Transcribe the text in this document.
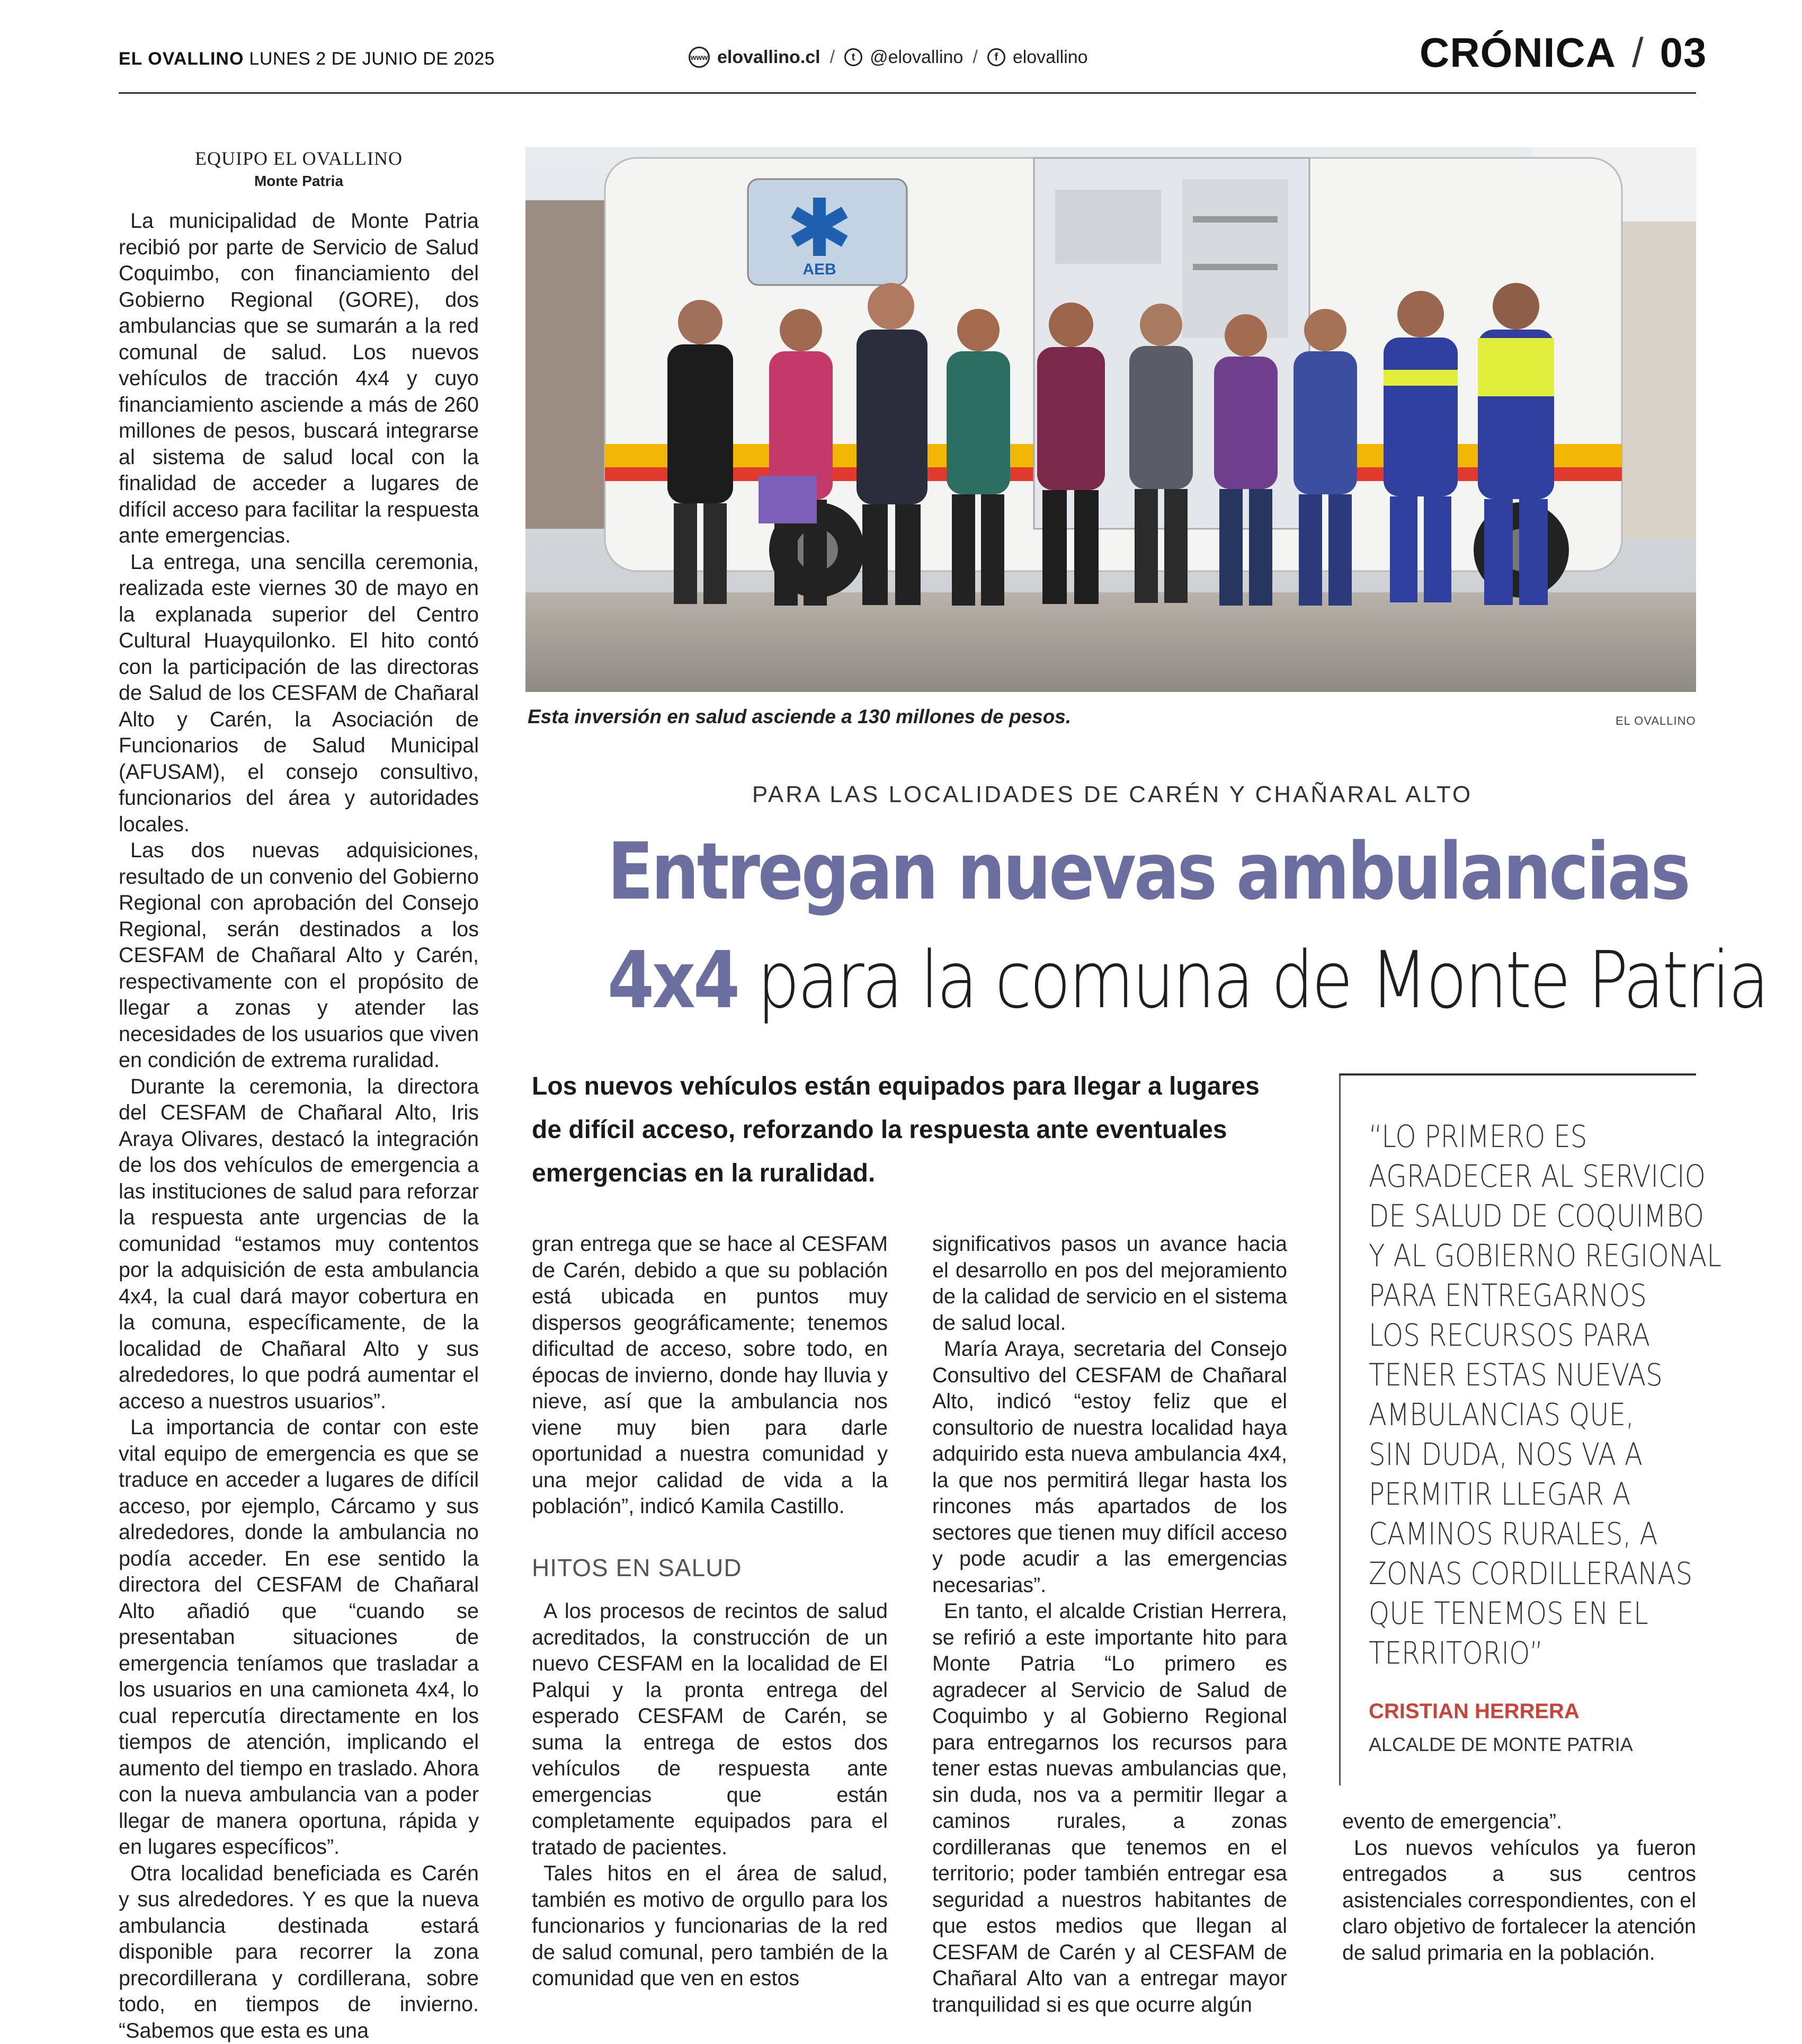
EL OVALLINO LUNES 2 DE JUNIO DE 2025	www elovallino.cl /	t @elovallino /	f elovallino	CRÓNICA / 03
EQUIPO EL OVALLINO
Monte Patria

La municipalidad de Monte Patria recibió por parte de Servicio de Salud Coquimbo, con financiamiento del Gobierno Regional (GORE), dos ambulancias que se sumarán a la red comunal de salud. Los nuevos vehículos de tracción 4x4 y cuyo financiamiento asciende a más de 260 millones de pesos, buscará integrarse al sistema de salud local con la finalidad de acceder a lugares de difícil acceso para facilitar la respuesta ante emergencias.

La entrega, una sencilla ceremonia, realizada este viernes 30 de mayo en la explanada superior del Centro Cultural Huayquilonko. El hito contó con la participación de las directoras de Salud de los CESFAM de Chañaral Alto y Carén, la Asociación de Funcionarios de Salud Municipal (AFUSAM), el consejo consultivo, funcionarios del área y autoridades locales.

Las dos nuevas adquisiciones, resultado de un convenio del Gobierno Regional con aprobación del Consejo Regional, serán destinados a los CESFAM de Chañaral Alto y Carén, respectivamente con el propósito de llegar a zonas y atender las necesidades de los usuarios que viven en condición de extrema ruralidad.

Durante la ceremonia, la directora del CESFAM de Chañaral Alto, Iris Araya Olivares, destacó la integración de los dos vehículos de emergencia a las instituciones de salud para reforzar la respuesta ante urgencias de la comunidad “estamos muy contentos por la adquisición de esta ambulancia 4x4, la cual dará mayor cobertura en la comuna, específicamente, de la localidad de Chañaral Alto y sus alrededores, lo que podrá aumentar el acceso a nuestros usuarios”.

La importancia de contar con este vital equipo de emergencia es que se traduce en acceder a lugares de difícil acceso, por ejemplo, Cárcamo y sus alrededores, donde la ambulancia no podía acceder. En ese sentido la directora del CESFAM de Chañaral Alto añadió que “cuando se presentaban situaciones de emergencia teníamos que trasladar a los usuarios en una camioneta 4x4, lo cual repercutía directamente en los tiempos de atención, implicando el aumento del tiempo en traslado. Ahora con la nueva ambulancia van a poder llegar de manera oportuna, rápida y en lugares específicos”.

Otra localidad beneficiada es Carén y sus alrededores. Y es que la nueva ambulancia destinada estará disponible para recorrer la zona precordillerana y cordillerana, sobre todo, en tiempos de invierno. “Sabemos que esta es una

AEB
Esta inversión en salud asciende a 130 millones de pesos.	EL OVALLINO
PARA LAS LOCALIDADES DE CARÉN Y CHAÑARAL ALTO
Entregan nuevas ambulancias
4x4 para la comuna de Monte Patria
Los nuevos vehículos están equipados para llegar a lugares de difícil acceso, reforzando la respuesta ante eventuales emergencias en la ruralidad.

gran entrega que se hace al CESFAM de Carén, debido a que su población está ubicada en puntos muy dispersos geográficamente; tenemos dificultad de acceso, sobre todo, en épocas de invierno, donde hay lluvia y nieve, así que la ambulancia nos viene muy bien para darle oportunidad a nuestra comunidad y una mejor calidad de vida a la población”, indicó Kamila Castillo.

HITOS EN SALUD

A los procesos de recintos de salud acreditados, la construcción de un nuevo CESFAM en la localidad de El Palqui y la pronta entrega del esperado CESFAM de Carén, se suma la entrega de estos dos vehículos de respuesta ante emergencias que están completamente equipados para el tratado de pacientes.

Tales hitos en el área de salud, también es motivo de orgullo para los funcionarios y funcionarias de la red de salud comunal, pero también de la comunidad que ven en estos

significativos pasos un avance hacia el desarrollo en pos del mejoramiento de la calidad de servicio en el sistema de salud local.

María Araya, secretaria del Consejo Consultivo del CESFAM de Chañaral Alto, indicó “estoy feliz que el consultorio de nuestra localidad haya adquirido esta nueva ambulancia 4x4, la que nos permitirá llegar hasta los rincones más apartados de los sectores que tienen muy difícil acceso y pode acudir a las emergencias necesarias”.

En tanto, el alcalde Cristian Herrera, se refirió a este importante hito para Monte Patria “Lo primero es agradecer al Servicio de Salud de Coquimbo y al Gobierno Regional para entregarnos los recursos para tener estas nuevas ambulancias que, sin duda, nos va a permitir llegar a caminos rurales, a zonas cordilleranas que tenemos en el territorio; poder también entregar esa seguridad a nuestros habitantes de que estos medios que llegan al CESFAM de Carén y al CESFAM de Chañaral Alto van a entregar mayor tranquilidad si es que ocurre algún

“LO PRIMERO ES
AGRADECER AL SERVICIO
DE SALUD DE COQUIMBO
Y AL GOBIERNO REGIONAL
PARA ENTREGARNOS
LOS RECURSOS PARA
TENER ESTAS NUEVAS
AMBULANCIAS QUE,
SIN DUDA, NOS VA A
PERMITIR LLEGAR A
CAMINOS RURALES, A
ZONAS CORDILLERANAS
QUE TENEMOS EN EL
TERRITORIO”
CRISTIAN HERRERA
ALCALDE DE MONTE PATRIA

evento de emergencia”.

Los nuevos vehículos ya fueron entregados a sus centros asistenciales correspondientes, con el claro objetivo de fortalecer la atención de salud primaria en la población.
